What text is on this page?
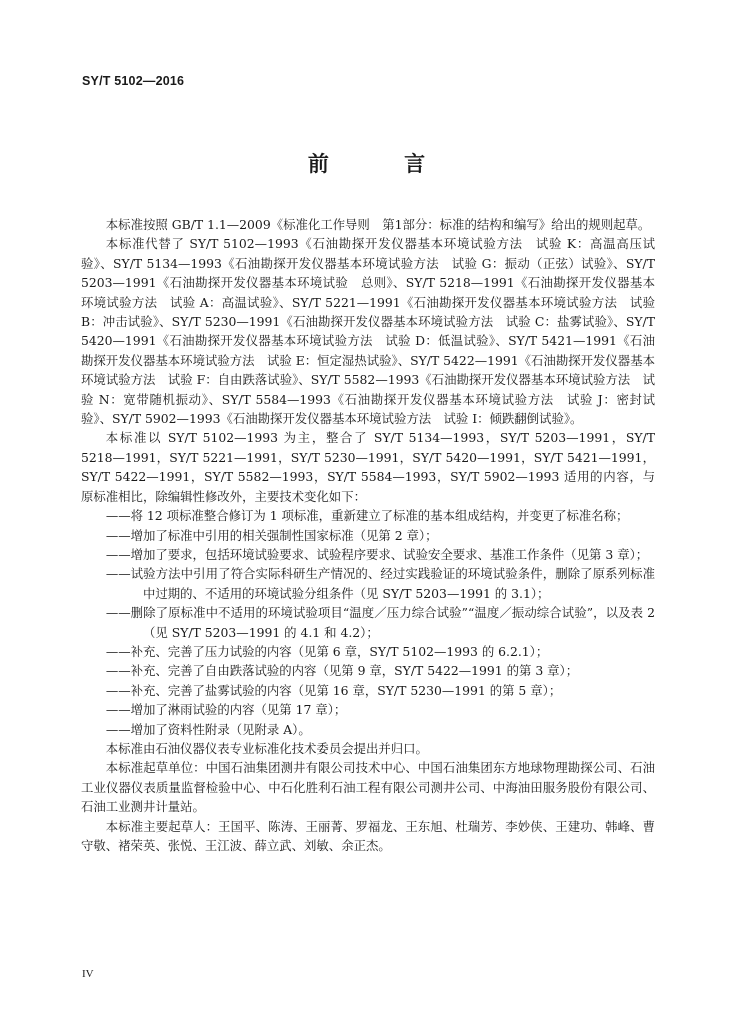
SY/T 5102—2016
前 言

本标准按照 GB/T 1.1—2009《标准化工作导则　第1部分：标准的结构和编写》给出的规则起草。

本标准代替了 SY/T 5102—1993《石油勘探开发仪器基本环境试验方法　试验 K：高温高压试验》、SY/T 5134—1993《石油勘探开发仪器基本环境试验方法　试验 G：振动（正弦）试验》、SY/T 5203—1991《石油勘探开发仪器基本环境试验　总则》、SY/T 5218—1991《石油勘探开发仪器基本环境试验方法　试验 A：高温试验》、SY/T 5221—1991《石油勘探开发仪器基本环境试验方法　试验 B：冲击试验》、SY/T 5230—1991《石油勘探开发仪器基本环境试验方法　试验 C：盐雾试验》、SY/T 5420—1991《石油勘探开发仪器基本环境试验方法　试验 D：低温试验》、SY/T 5421—1991《石油勘探开发仪器基本环境试验方法　试验 E：恒定湿热试验》、SY/T 5422—1991《石油勘探开发仪器基本环境试验方法　试验 F：自由跌落试验》、SY/T 5582—1993《石油勘探开发仪器基本环境试验方法　试验 N：宽带随机振动》、SY/T 5584—1993《石油勘探开发仪器基本环境试验方法　试验 J：密封试验》、SY/T 5902—1993《石油勘探开发仪器基本环境试验方法　试验 I：倾跌翻倒试验》。

本标准以 SY/T 5102—1993 为主，整合了 SY/T 5134—1993，SY/T 5203—1991，SY/T 5218—1991，SY/T 5221—1991，SY/T 5230—1991，SY/T 5420—1991，SY/T 5421—1991，SY/T 5422—1991，SY/T 5582—1993，SY/T 5584—1993，SY/T 5902—1993 适用的内容，与原标准相比，除编辑性修改外，主要技术变化如下：

——将 12 项标准整合修订为 1 项标准，重新建立了标准的基本组成结构，并变更了标准名称；

——增加了标准中引用的相关强制性国家标准（见第 2 章）；

——增加了要求，包括环境试验要求、试验程序要求、试验安全要求、基准工作条件（见第 3 章）；

——试验方法中引用了符合实际科研生产情况的、经过实践验证的环境试验条件，删除了原系列标准中过期的、不适用的环境试验分组条件（见 SY/T 5203—1991 的 3.1）；

——删除了原标准中不适用的环境试验项目“温度／压力综合试验”“温度／振动综合试验”，以及表 2（见 SY/T 5203—1991 的 4.1 和 4.2）；

——补充、完善了压力试验的内容（见第 6 章，SY/T 5102—1993 的 6.2.1）；

——补充、完善了自由跌落试验的内容（见第 9 章，SY/T 5422—1991 的第 3 章）；

——补充、完善了盐雾试验的内容（见第 16 章，SY/T 5230—1991 的第 5 章）；

——增加了淋雨试验的内容（见第 17 章）；

——增加了资料性附录（见附录 A）。

本标准由石油仪器仪表专业标准化技术委员会提出并归口。

本标准起草单位：中国石油集团测井有限公司技术中心、中国石油集团东方地球物理勘探公司、石油工业仪器仪表质量监督检验中心、中石化胜利石油工程有限公司测井公司、中海油田服务股份有限公司、石油工业测井计量站。

本标准主要起草人：王国平、陈涛、王丽菁、罗福龙、王东旭、杜瑞芳、李妙侠、王建功、韩峰、曹守敬、褚荣英、张悦、王江波、薛立武、刘敏、余正杰。

IV
